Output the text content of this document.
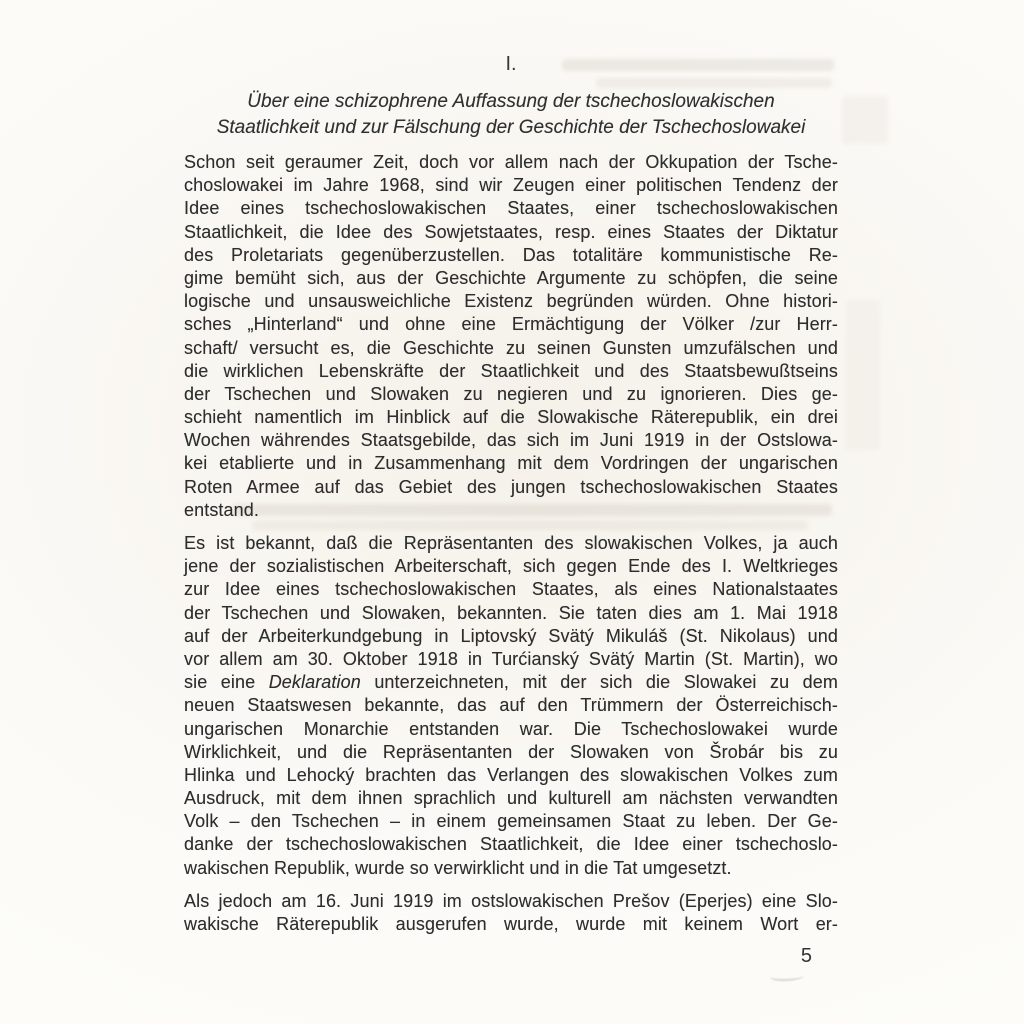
I.
Über eine schizophrene Auffassung der tschechoslowakischen
Staatlichkeit und zur Fälschung der Geschichte der Tschechoslowakei
Schon seit geraumer Zeit, doch vor allem nach der Okkupation der Tsche-
choslowakei im Jahre 1968, sind wir Zeugen einer politischen Tendenz der
Idee eines tschechoslowakischen Staates, einer tschechoslowakischen
Staatlichkeit, die Idee des Sowjetstaates, resp. eines Staates der Diktatur
des Proletariats gegenüberzustellen. Das totalitäre kommunistische Re-
gime bemüht sich, aus der Geschichte Argumente zu schöpfen, die seine
logische und unsausweichliche Existenz begründen würden. Ohne histori-
sches „Hinterland“ und ohne eine Ermächtigung der Völker /zur Herr-
schaft/ versucht es, die Geschichte zu seinen Gunsten umzufälschen und
die wirklichen Lebenskräfte der Staatlichkeit und des Staatsbewußtseins
der Tschechen und Slowaken zu negieren und zu ignorieren. Dies ge-
schieht namentlich im Hinblick auf die Slowakische Räterepublik, ein drei
Wochen währendes Staatsgebilde, das sich im Juni 1919 in der Ostslowa-
kei etablierte und in Zusammenhang mit dem Vordringen der ungarischen
Roten Armee auf das Gebiet des jungen tschechoslowakischen Staates
entstand.
Es ist bekannt, daß die Repräsentanten des slowakischen Volkes, ja auch
jene der sozialistischen Arbeiterschaft, sich gegen Ende des I. Weltkrieges
zur Idee eines tschechoslowakischen Staates, als eines Nationalstaates
der Tschechen und Slowaken, bekannten. Sie taten dies am 1. Mai 1918
auf der Arbeiterkundgebung in Liptovský Svätý Mikuláš (St. Nikolaus) und
vor allem am 30. Oktober 1918 in Turćianský Svätý Martin (St. Martin), wo
sie eine Deklaration unterzeichneten, mit der sich die Slowakei zu dem
neuen Staatswesen bekannte, das auf den Trümmern der Österreichisch-
ungarischen Monarchie entstanden war. Die Tschechoslowakei wurde
Wirklichkeit, und die Repräsentanten der Slowaken von Šrobár bis zu
Hlinka und Lehocký brachten das Verlangen des slowakischen Volkes zum
Ausdruck, mit dem ihnen sprachlich und kulturell am nächsten verwandten
Volk – den Tschechen – in einem gemeinsamen Staat zu leben. Der Ge-
danke der tschechoslowakischen Staatlichkeit, die Idee einer tschechoslo-
wakischen Republik, wurde so verwirklicht und in die Tat umgesetzt.
Als jedoch am 16. Juni 1919 im ostslowakischen Prešov (Eperjes) eine Slo-
wakische Räterepublik ausgerufen wurde, wurde mit keinem Wort er-
5
